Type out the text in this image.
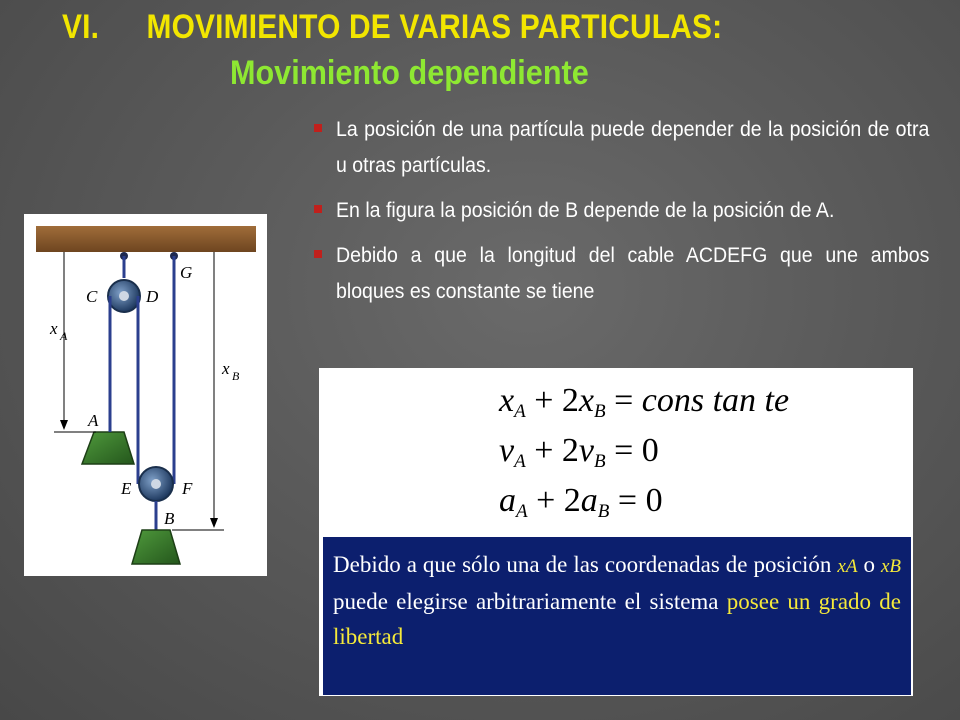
VI. MOVIMIENTO DE VARIAS PARTICULAS:
Movimiento dependiente
La posición de una partícula puede depender de la posición de otra u otras partículas.
En la figura la posición de B depende de la posición de A.
Debido a que la longitud del cable ACDEFG que une ambos bloques es constante se tiene
C	D
G
A
E	F
B
x A
x B
$x_A + 2x_B$ = cons tan te
$v_A + 2v_B = 0$
$a_A + 2a_B = 0$
Debido a que sólo una de las coordenadas de posición xA o xB puede elegirse arbitrariamente el sistema posee un grado de libertad
